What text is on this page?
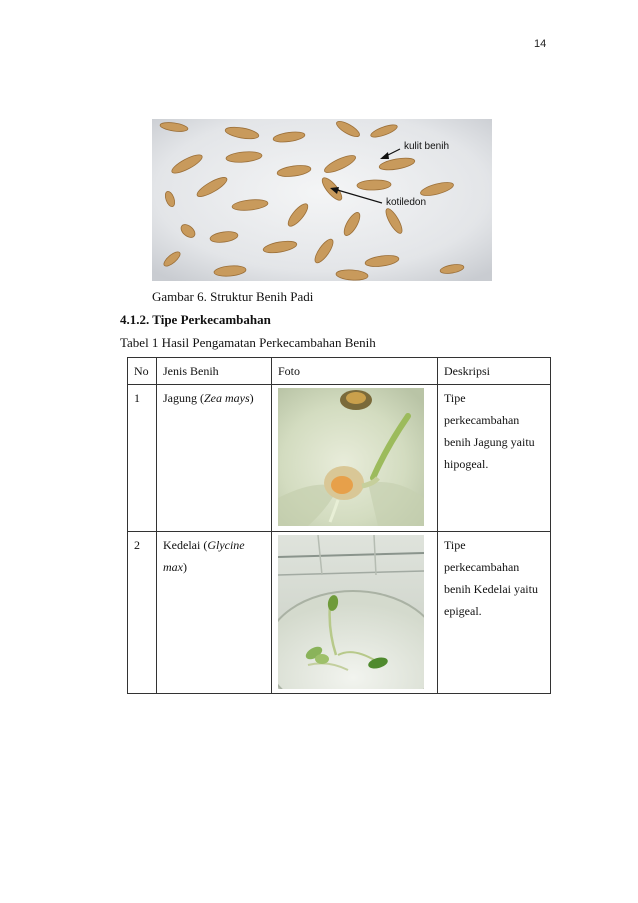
14
kulit benih
kotiledon
Gambar 6. Struktur Benih Padi
4.1.2. Tipe Perkecambahan
Tabel 1 Hasil Pengamatan Perkecambahan Benih
No	Jenis Benih	Foto	Deskripsi
1	Jagung (Zea mays)		Tipe
perkecambahan
benih Jagung yaitu
hipogeal.

2	Kedelai (Glycine max)		Tipe
perkecambahan
benih Kedelai yaitu
epigeal.
